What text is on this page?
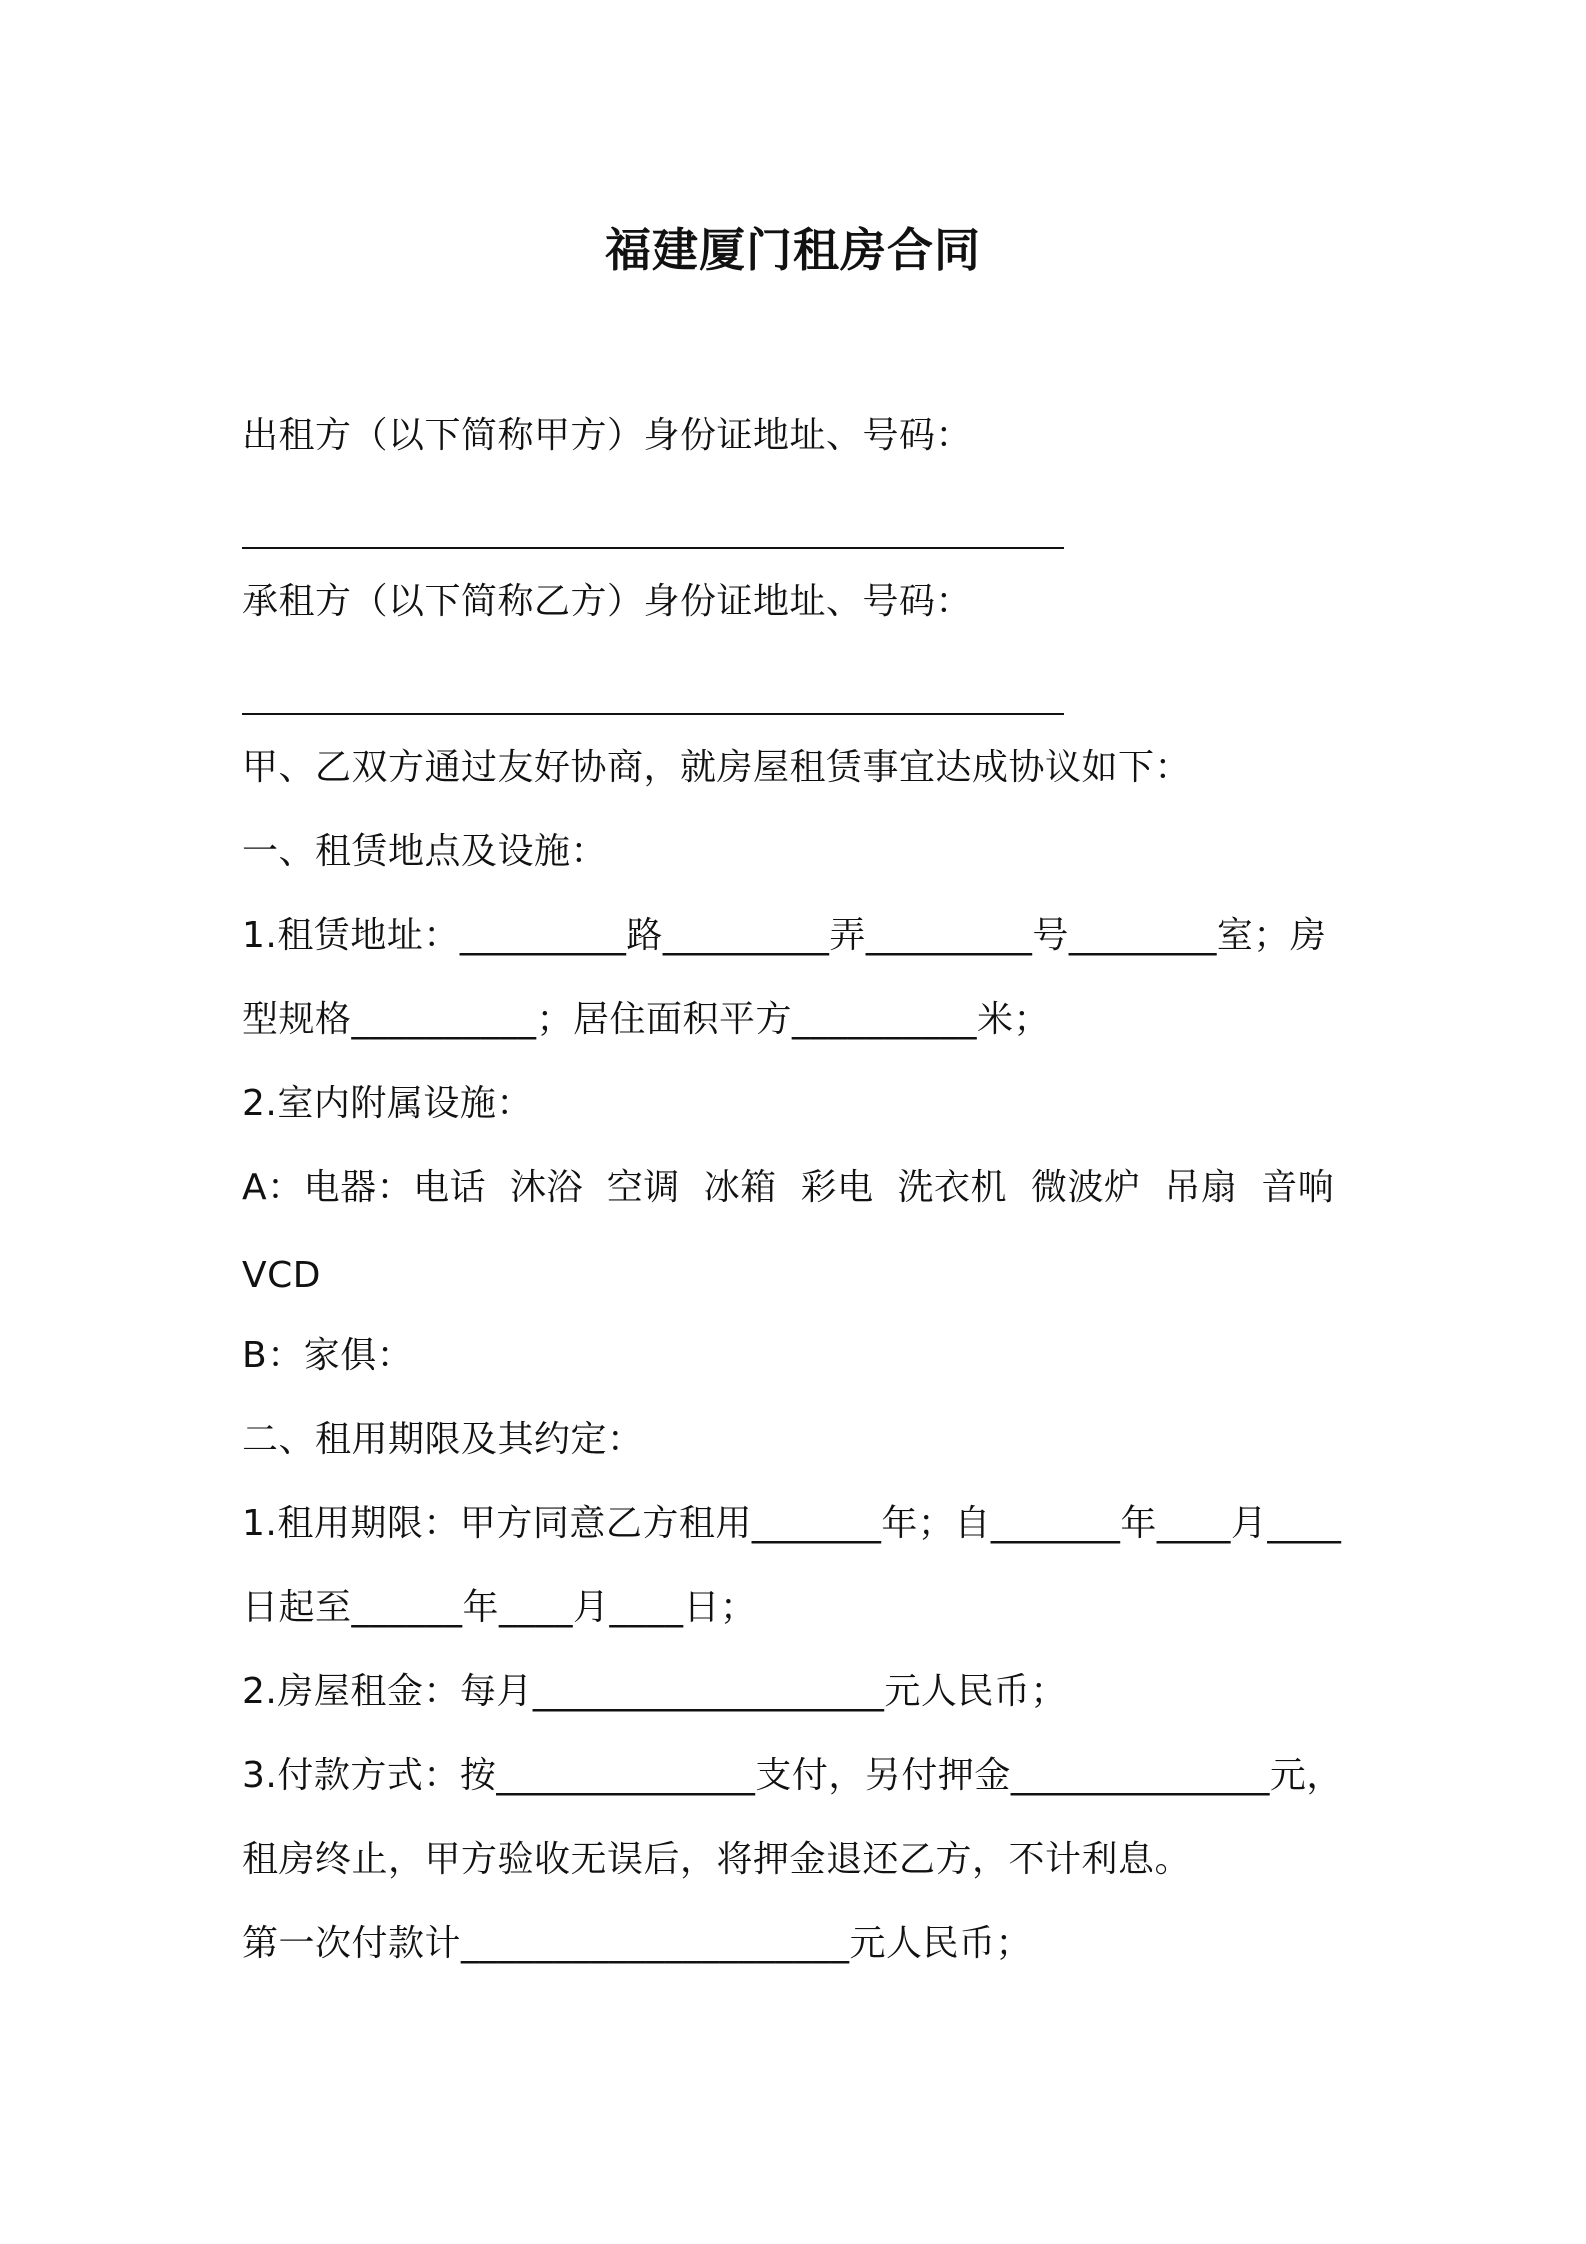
福建厦门租房合同
出租方（以下简称甲方）身份证地址、号码：
承租方（以下简称乙方）身份证地址、号码：
甲、乙双方通过友好协商，就房屋租赁事宜达成协议如下：
一、租赁地点及设施：
1.租赁地址：_________路_________弄_________号________室；房
型规格__________；居住面积平方__________米；
2.室内附属设施：
A：电器：电话  沐浴  空调  冰箱  彩电  洗衣机  微波炉  吊扇  音响
VCD
B：家俱：
二、租用期限及其约定：
1.租用期限：甲方同意乙方租用_______年；自_______年____月____
日起至______年____月____日；
2.房屋租金：每月___________________元人民币；
3.付款方式：按______________支付，另付押金______________元，
租房终止，甲方验收无误后，将押金退还乙方，不计利息。
第一次付款计_____________________元人民币；
